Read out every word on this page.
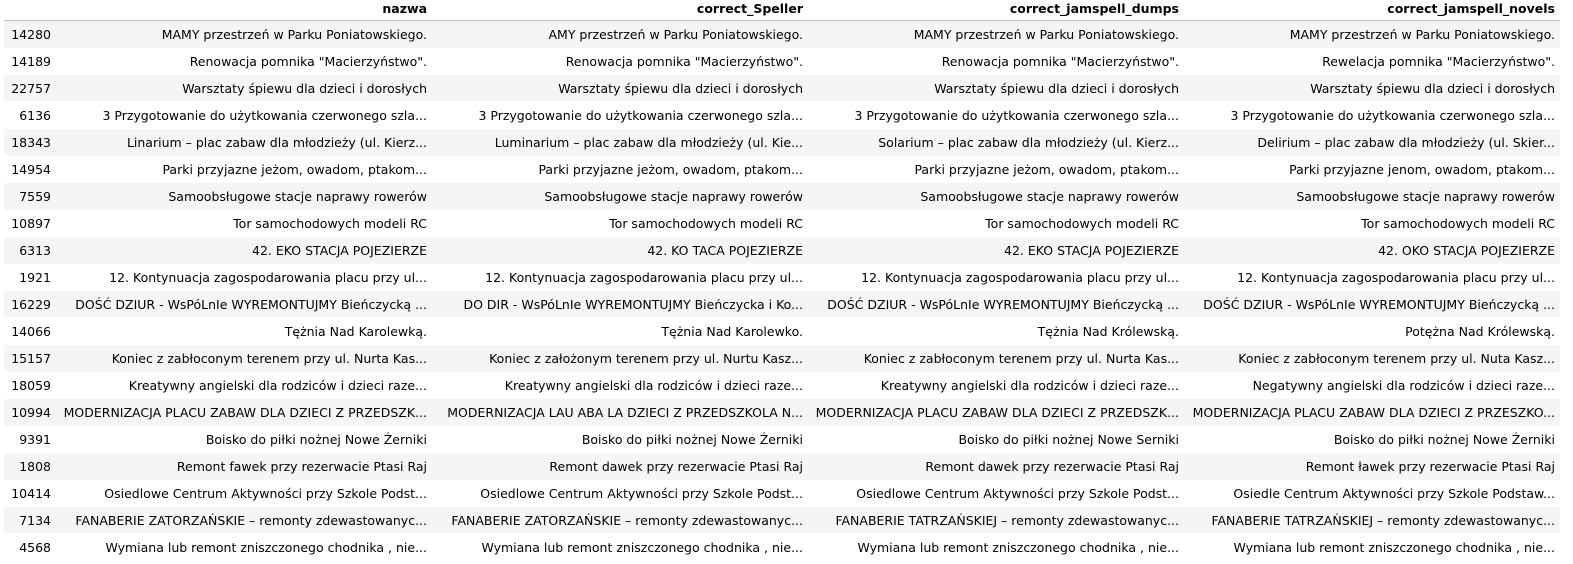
	nazwa	correct_Speller	correct_jamspell_dumps	correct_jamspell_novels
14280	MAMY przestrzeń w Parku Poniatowskiego.	AMY przestrzeń w Parku Poniatowskiego.	MAMY przestrzeń w Parku Poniatowskiego.	MAMY przestrzeń w Parku Poniatowskiego.
14189	Renowacja pomnika "Macierzyństwo".	Renowacja pomnika "Macierzyństwo".	Renowacja pomnika "Macierzyństwo".	Rewelacja pomnika "Macierzyństwo".
22757	Warsztaty śpiewu dla dzieci i dorosłych	Warsztaty śpiewu dla dzieci i dorosłych	Warsztaty śpiewu dla dzieci i dorosłych	Warsztaty śpiewu dla dzieci i dorosłych
6136	3 Przygotowanie do użytkowania czerwonego szla...	3 Przygotowanie do użytkowania czerwonego szla...	3 Przygotowanie do użytkowania czerwonego szla...	3 Przygotowanie do użytkowania czerwonego szla...
18343	Linarium – plac zabaw dla młodzieży (ul. Kierz...	Luminarium – plac zabaw dla młodzieży (ul. Kie...	Solarium – plac zabaw dla młodzieży (ul. Kierz...	Delirium – plac zabaw dla młodzieży (ul. Skier...
14954	Parki przyjazne jeżom, owadom, ptakom...	Parki przyjazne jeżom, owadom, ptakom...	Parki przyjazne jeżom, owadom, ptakom...	Parki przyjazne jenom, owadom, ptakom...
7559	Samoobsługowe stacje naprawy rowerów	Samoobsługowe stacje naprawy rowerów	Samoobsługowe stacje naprawy rowerów	Samoobsługowe stacje naprawy rowerów
10897	Tor samochodowych modeli RC	Tor samochodowych modeli RC	Tor samochodowych modeli RC	Tor samochodowych modeli RC
6313	42. EKO STACJA POJEZIERZE	42. KO TACA POJEZIERZE	42. EKO STACJA POJEZIERZE	42. OKO STACJA POJEZIERZE
1921	12. Kontynuacja zagospodarowania placu przy ul...	12. Kontynuacja zagospodarowania placu przy ul...	12. Kontynuacja zagospodarowania placu przy ul...	12. Kontynuacja zagospodarowania placu przy ul...
16229	DOŚĆ DZIUR - WsPóLnIe WYREMONTUJMY Bieńczycką ...	DO DIR - WsPóLnIe WYREMONTUJMY Bieńczycka i Ko...	DOŚĆ DZIUR - WsPóLnIe WYREMONTUJMY Bieńczycką ...	DOŚĆ DZIUR - WsPóLnIe WYREMONTUJMY Bieńczycką ...
14066	Tężnia Nad Karolewką.	Tężnia Nad Karolewko.	Tężnia Nad Królewską.	Potężna Nad Królewską.
15157	Koniec z zabłoconym terenem przy ul. Nurta Kas...	Koniec z założonym terenem przy ul. Nurtu Kasz...	Koniec z zabłoconym terenem przy ul. Nurta Kas...	Koniec z zabłoconym terenem przy ul. Nuta Kasz...
18059	Kreatywny angielski dla rodziców i dzieci raze...	Kreatywny angielski dla rodziców i dzieci raze...	Kreatywny angielski dla rodziców i dzieci raze...	Negatywny angielski dla rodziców i dzieci raze...
10994	MODERNIZACJA PLACU ZABAW DLA DZIECI Z PRZEDSZK...	MODERNIZACJA LAU ABA LA DZIECI Z PRZEDSZKOLA N...	MODERNIZACJA PLACU ZABAW DLA DZIECI Z PRZEDSZK...	MODERNIZACJA PLACU ZABAW DLA DZIECI Z PRZESZKO...
9391	Boisko do piłki nożnej Nowe Żerniki	Boisko do piłki nożnej Nowe Żerniki	Boisko do piłki nożnej Nowe Serniki	Boisko do piłki nożnej Nowe Żerniki
1808	Remont fawek przy rezerwacie Ptasi Raj	Remont dawek przy rezerwacie Ptasi Raj	Remont dawek przy rezerwacie Ptasi Raj	Remont ławek przy rezerwacie Ptasi Raj
10414	Osiedlowe Centrum Aktywności przy Szkole Podst...	Osiedlowe Centrum Aktywności przy Szkole Podst...	Osiedlowe Centrum Aktywności przy Szkole Podst...	Osiedle Centrum Aktywności przy Szkole Podstaw...
7134	FANABERIE ZATORZAŃSKIE – remonty zdewastowanyc...	FANABERIE ZATORZAŃSKIE – remonty zdewastowanyc...	FANABERIE TATRZAŃSKIEJ – remonty zdewastowanyc...	FANABERIE TATRZAŃSKIEJ – remonty zdewastowanyc...
4568	Wymiana lub remont zniszczonego chodnika , nie...	Wymiana lub remont zniszczonego chodnika , nie...	Wymiana lub remont zniszczonego chodnika , nie...	Wymiana lub remont zniszczonego chodnika , nie...
